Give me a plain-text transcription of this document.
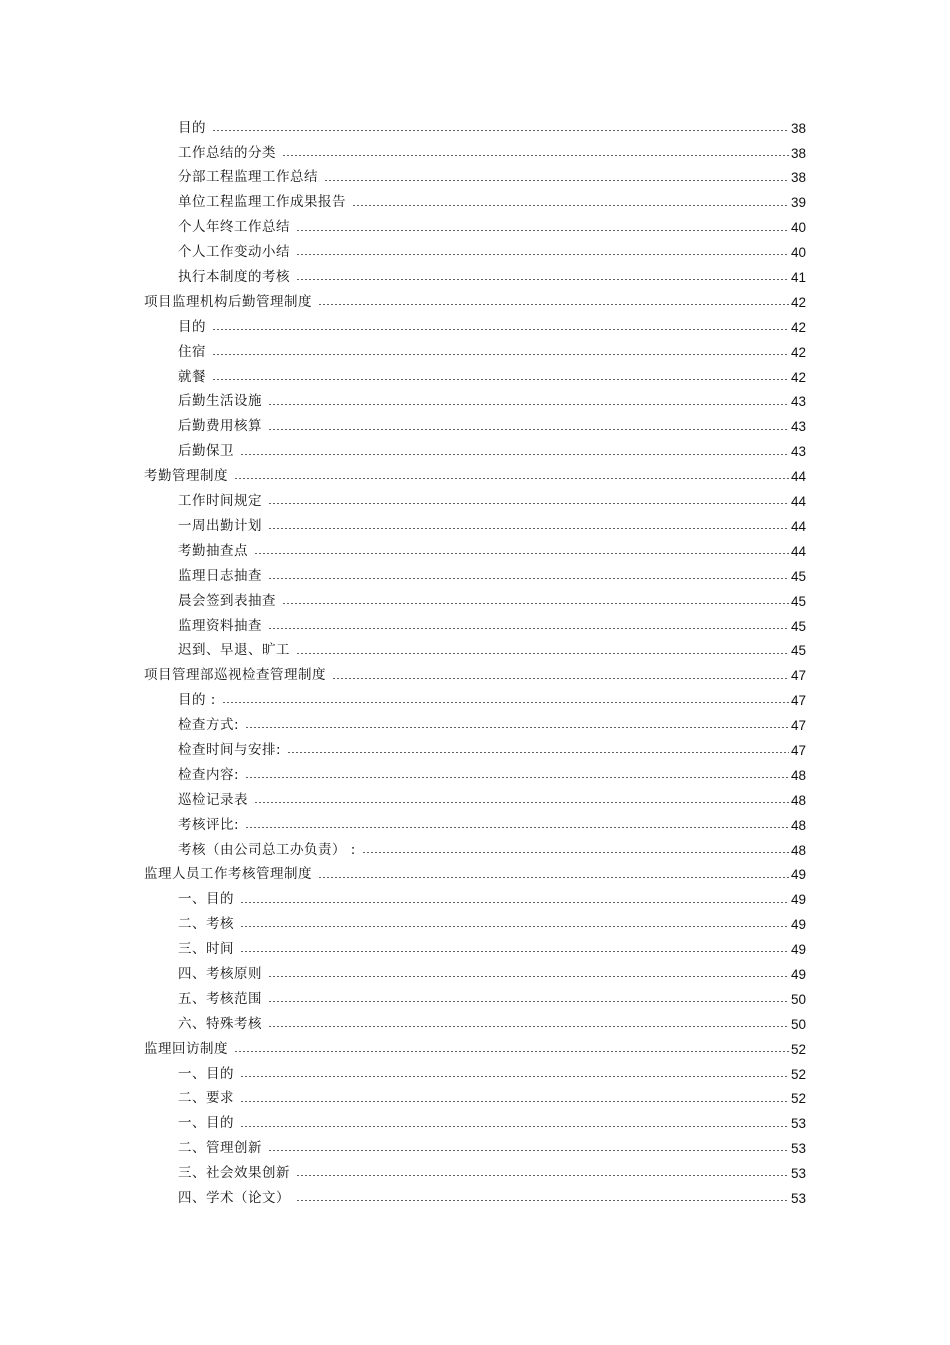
目的	38
工作总结的分类	38
分部工程监理工作总结	38
单位工程监理工作成果报告	39
个人年终工作总结	40
个人工作变动小结	40
执行本制度的考核	41
项目监理机构后勤管理制度	42
目的	42
住宿	42
就餐	42
后勤生活设施	43
后勤费用核算	43
后勤保卫	43
考勤管理制度	44
工作时间规定	44
一周出勤计划	44
考勤抽查点	44
监理日志抽查	45
晨会签到表抽查	45
监理资料抽查	45
迟到、早退、旷工	45
项目管理部巡视检查管理制度	47
目的 :	47
检查方式:	47
检查时间与安排:	47
检查内容:	48
巡检记录表	48
考核评比:	48
考核（由公司总工办负责） :	48
监理人员工作考核管理制度	49
一、目的	49
二、考核	49
三、时间	49
四、考核原则	49
五、考核范围	50
六、特殊考核	50
监理回访制度	52
一、目的	52
二、要求	52
一、目的	53
二、管理创新	53
三、社会效果创新	53
四、学术（论文）	53
